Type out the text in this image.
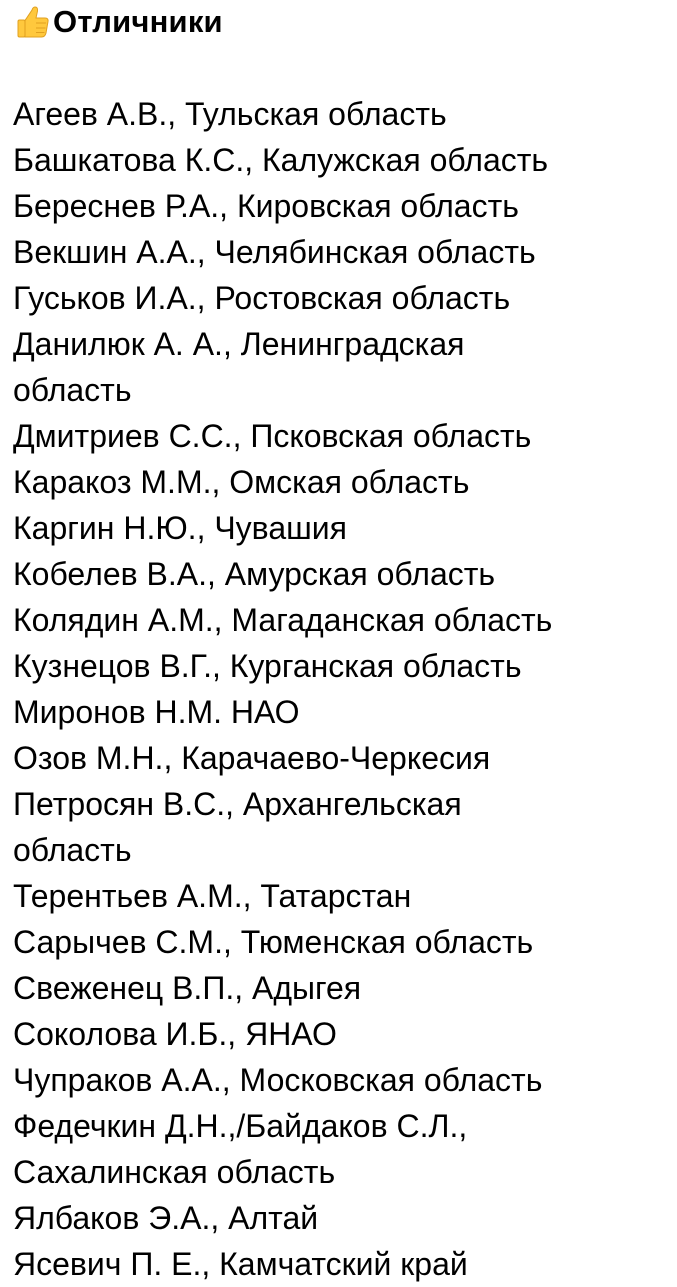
Отличники
Агеев А.В., Тульская область
Башкатова К.С., Калужская область
Береснев Р.А., Кировская область
Векшин А.А., Челябинская область
Гуськов И.А., Ростовская область
Данилюк А. А., Ленинградская
область
Дмитриев С.С., Псковская область
Каракоз М.М., Омская область
Каргин Н.Ю., Чувашия
Кобелев В.А., Амурская область
Колядин А.М., Магаданская область
Кузнецов В.Г., Курганская область
Миронов Н.М. НАО
Озов М.Н., Карачаево-Черкесия
Петросян В.С., Архангельская
область
Терентьев А.М., Татарстан
Сарычев С.М., Тюменская область
Свеженец В.П., Адыгея
Соколова И.Б., ЯНАО
Чупраков А.А., Московская область
Федечкин Д.Н.,/Байдаков С.Л.,
Сахалинская область
Ялбаков Э.А., Алтай
Ясевич П. Е., Камчатский край
